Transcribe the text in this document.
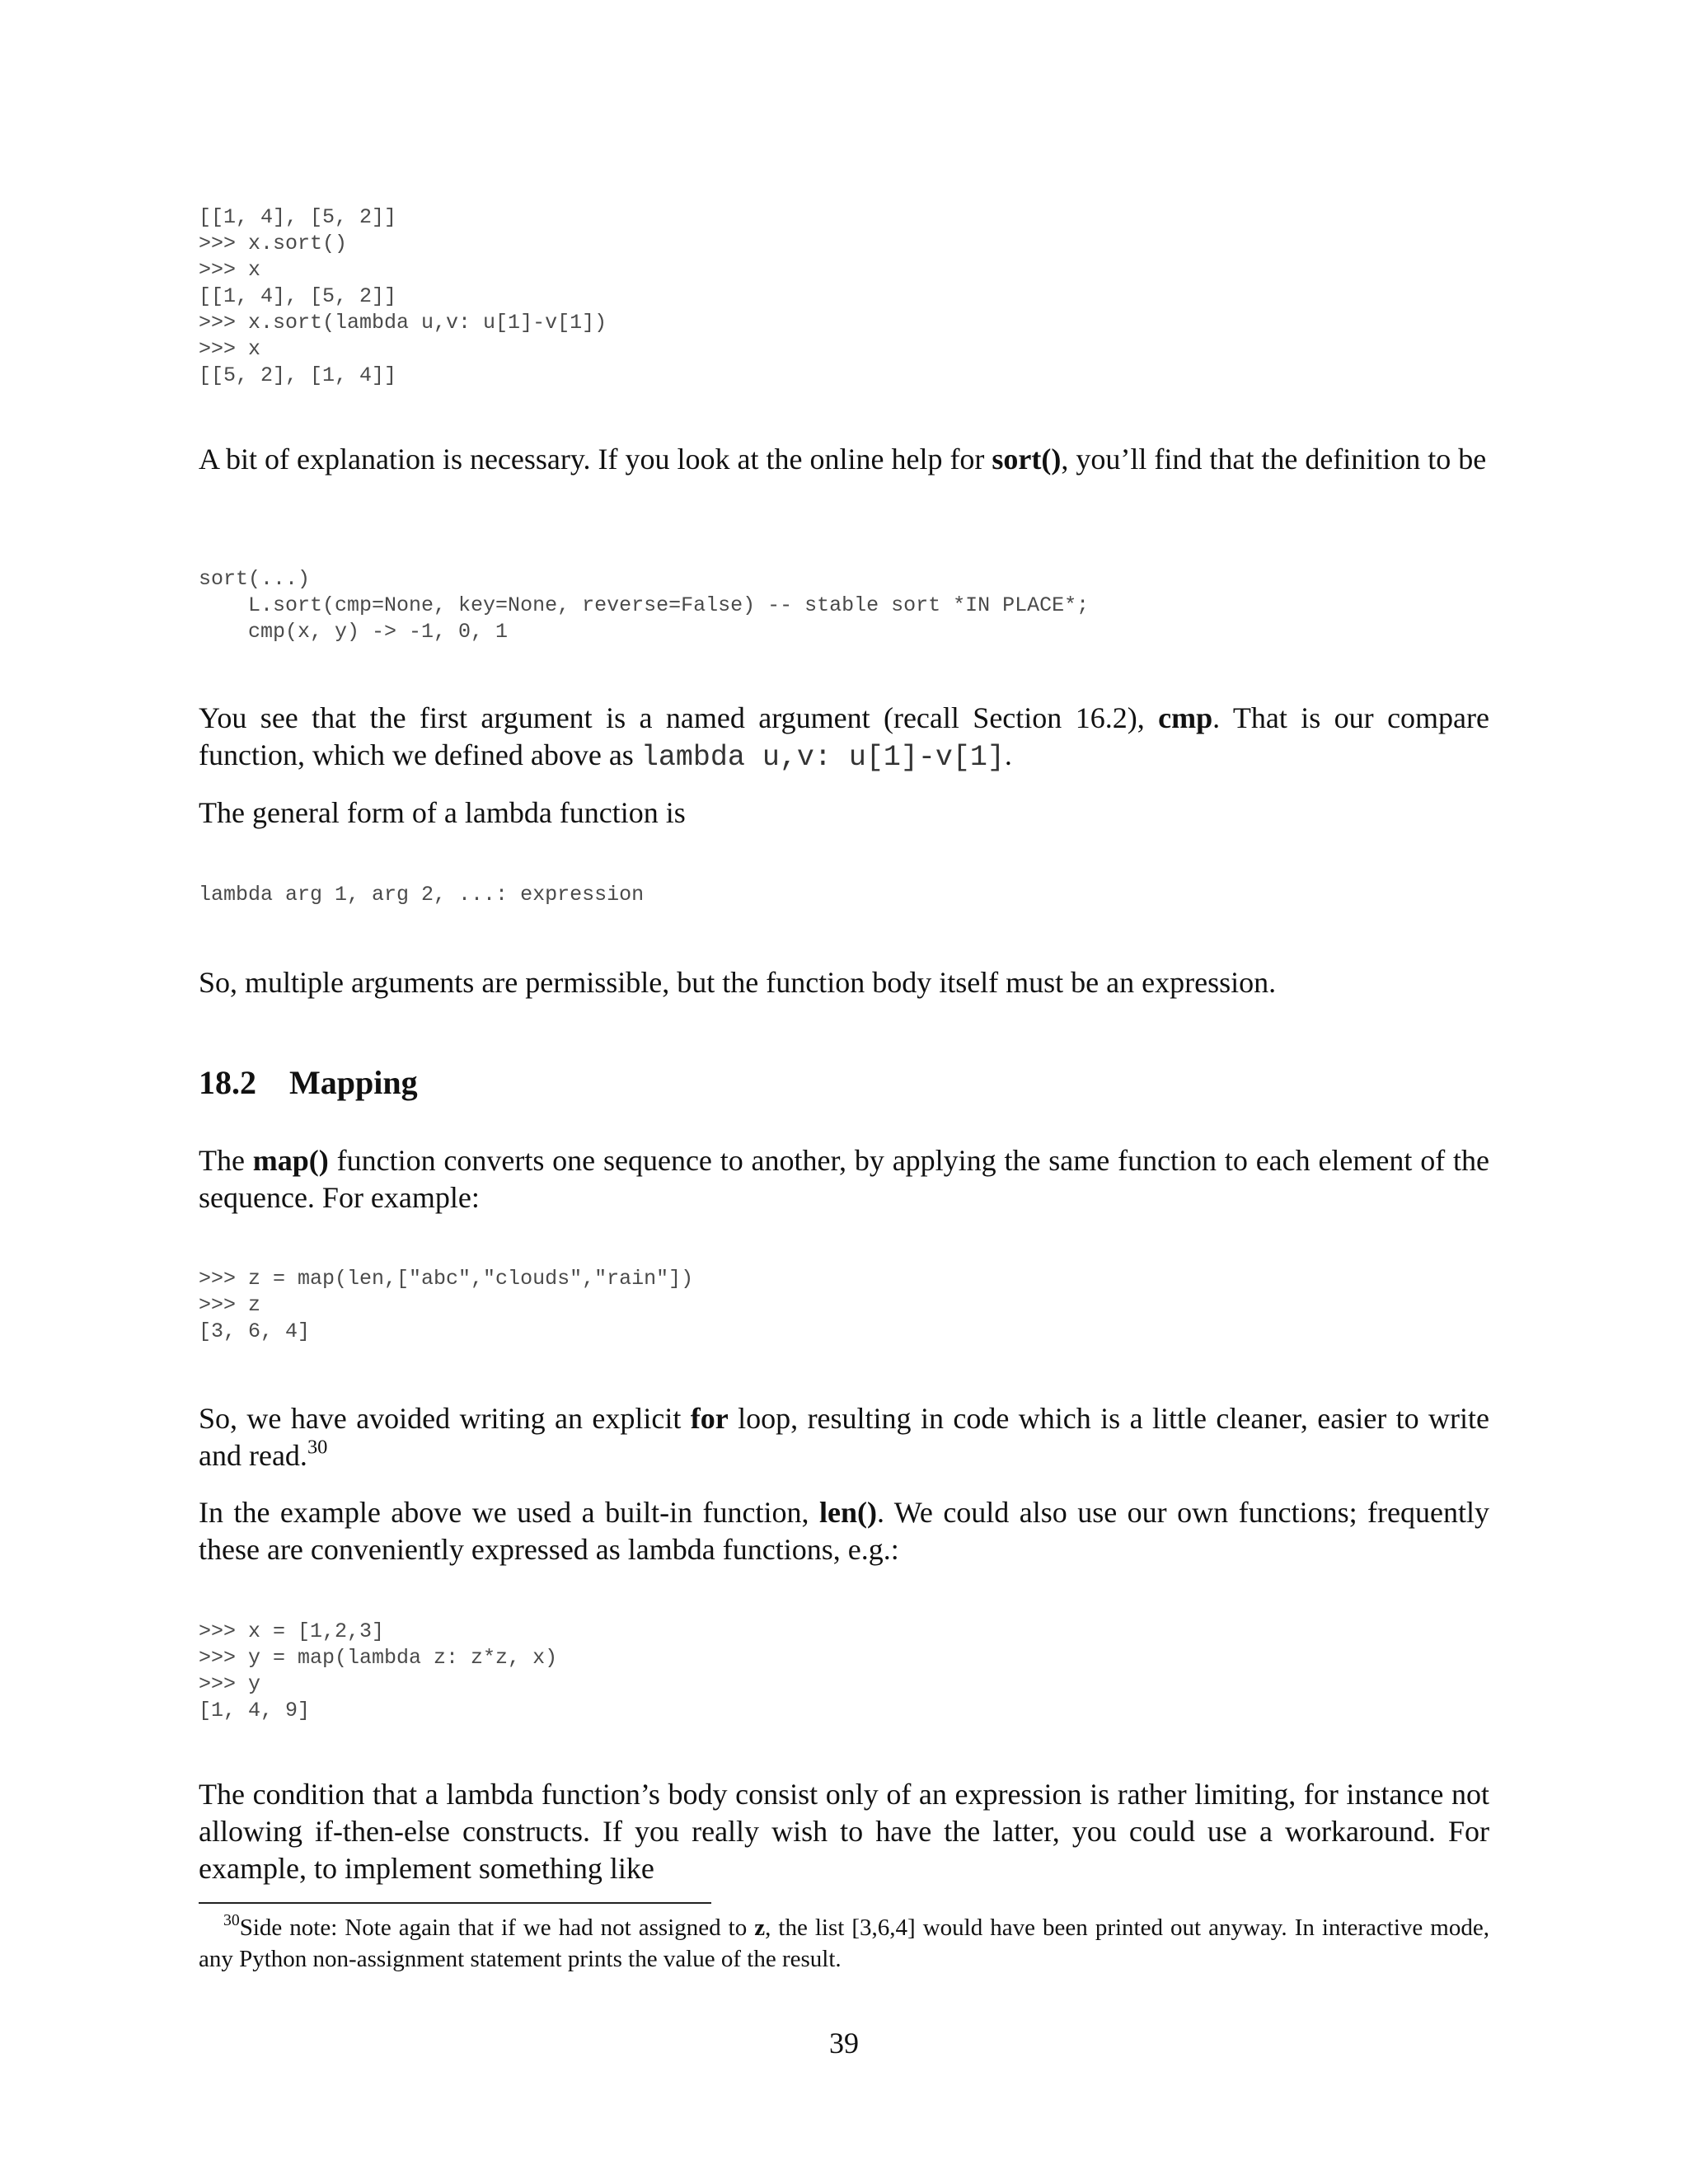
[[1, 4], [5, 2]]
>>> x.sort()
>>> x
[[1, 4], [5, 2]]
>>> x.sort(lambda u,v: u[1]-v[1])
>>> x
[[5, 2], [1, 4]]

A bit of explanation is necessary. If you look at the online help for sort(), you’ll find that the definition to be

sort(...)
L.sort(cmp=None, key=None, reverse=False) -- stable sort *IN PLACE*;
cmp(x, y) -> -1, 0, 1

You see that the first argument is a named argument (recall Section 16.2), cmp. That is our compare function, which we defined above as lambda u,v: u[1]-v[1].

The general form of a lambda function is

lambda arg 1, arg 2, ...: expression

So, multiple arguments are permissible, but the function body itself must be an expression.

18.2 Mapping

The map() function converts one sequence to another, by applying the same function to each element of the sequence. For example:

>>> z = map(len,["abc","clouds","rain"])
>>> z
[3, 6, 4]

So, we have avoided writing an explicit for loop, resulting in code which is a little cleaner, easier to write and read.$^{30}$

In the example above we used a built-in function, len(). We could also use our own functions; frequently these are conveniently expressed as lambda functions, e.g.:

>>> x = [1,2,3]
>>> y = map(lambda z: z*z, x)
>>> y
[1, 4, 9]

The condition that a lambda function’s body consist only of an expression is rather limiting, for instance not allowing if-then-else constructs. If you really wish to have the latter, you could use a workaround. For example, to implement something like

$^{30}$Side note: Note again that if we had not assigned to z, the list [3,6,4] would have been printed out anyway. In interactive mode, any Python non-assignment statement prints the value of the result.

39
